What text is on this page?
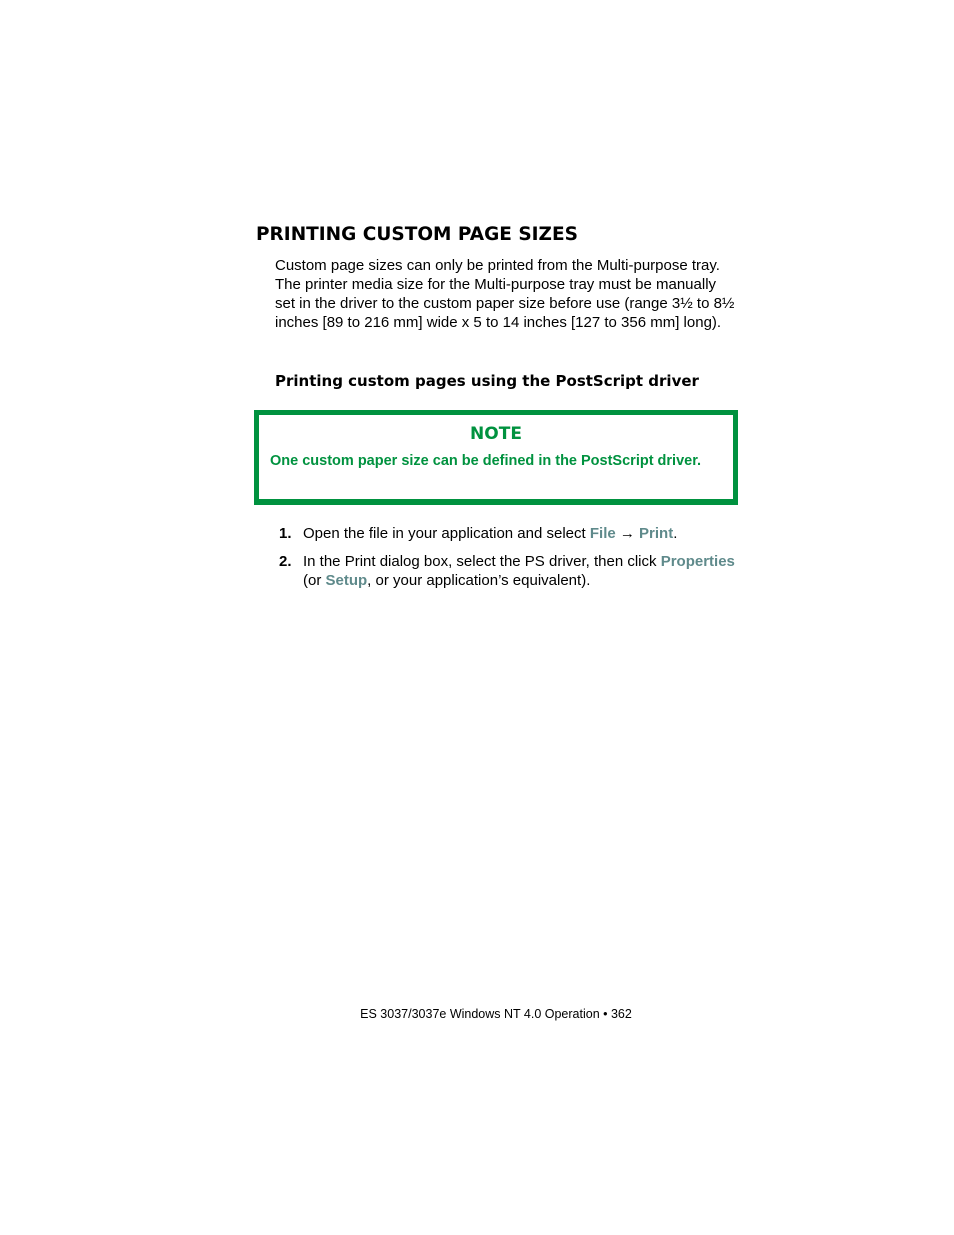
PRINTING CUSTOM PAGE SIZES

Custom page sizes can only be printed from the Multi-purpose tray. The printer media size for the Multi-purpose tray must be manually set in the driver to the custom paper size before use (range 3½ to 8½ inches [89 to 216 mm] wide x 5 to 14 inches [127 to 356 mm] long).

Printing custom pages using the PostScript driver
NOTE

One custom paper size can be defined in the PostScript driver.

1. Open the file in your application and select File → Print.
2. In the Print dialog box, select the PS driver, then click Properties (or Setup, or your application’s equivalent).
ES 3037/3037e Windows NT 4.0 Operation • 362
